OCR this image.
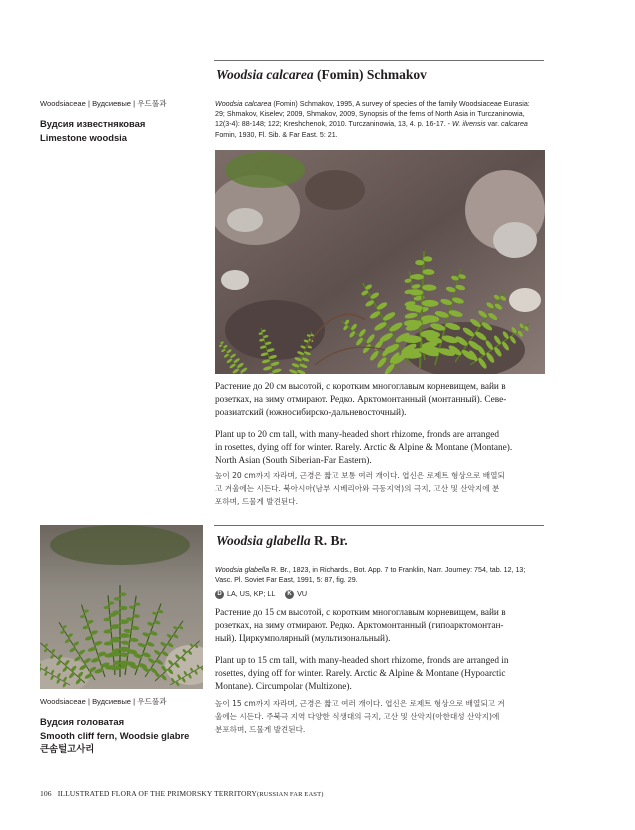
Woodsia calcarea (Fomin) Schmakov
Woodsiaceae | Вудсиевые | 우드풀과
Вудсия известняковая
Limestone woodsia
Woodsia calcarea (Fomin) Schmakov, 1995, A survey of species of the family Woodsiaceae Eurasia:
29; Shmakov, Kiselev; 2009, Shmakov, 2009, Synopsis of the ferns of North Asia in Turczaninowia,
12(3-4): 88-148; 122; Kreshchenok, 2010. Turczaninowia, 13, 4. p. 16-17. - W. ilvensis var. calcarea
Fomin, 1930, Fl. Sib. & Far East. 5: 21.
Растение до 20 см высотой, с коротким многоглавым корневищем, вайи в
розетках, на зиму отмирают. Редко. Арктомонтанный (монтанный). Севе-
роазиатский (южносибирско-дальневосточный).
Plant up to 20 cm tall, with many-headed short rhizome, fronds are arranged
in rosettes, dying off for winter. Rarely. Arctic & Alpine & Montane (Montane).
North Asian (South Siberian-Far Eastern).
높이 20 cm까지 자라며, 근경은 짧고 보통 여러 개이다. 엽신은 로제트 형상으로 배열되
고 겨울에는 시든다. 북아시아(남부 시베리아와 극동지역)의 극지, 고산 및 산악지에 분
포하며, 드물게 발견된다.
Woodsia glabella R. Br.
Woodsiaceae | Вудсиевые | 우드풀과
Вудсия гoлoватая
Smooth cliff fern, Woodsie glabre
큰솜털고사리
Woodsia glabella R. Br., 1823, in Richards., Bot. App. 7 to Franklin, Narr. Journey: 754, tab. 12, 13;
Vasc. Pl. Soviet Far East, 1991, 5: 87, fig. 29.
D LA, US, KP; LL K VU
Растение до 15 см высотой, с коротким многоглавым корневищем, вайи в
розетках, на зиму отмирают. Редко. Арктомонтанный (гипоарктомонтан-
ный). Циркумполярный (мультизональный).
Plant up to 15 cm tall, with many-headed short rhizome, fronds are arranged in
rosettes, dying off for winter. Rarely. Arctic & Alpine & Montane (Hypoarctic
Montane). Circumpolar (Multizone).
높이 15 cm까지 자라며, 근경은 짧고 여러 개이다. 엽신은 로제트 형상으로 배열되고 겨
울에는 시든다. 주북극 지역 다양한 식생대의 극지, 고산 및 산악지(아한대성 산악지)에
분포하며, 드물게 발견된다.
106 ILLUSTRATED FLORA OF THE PRIMORSKY TERRITORY(RUSSIAN FAR EAST)
